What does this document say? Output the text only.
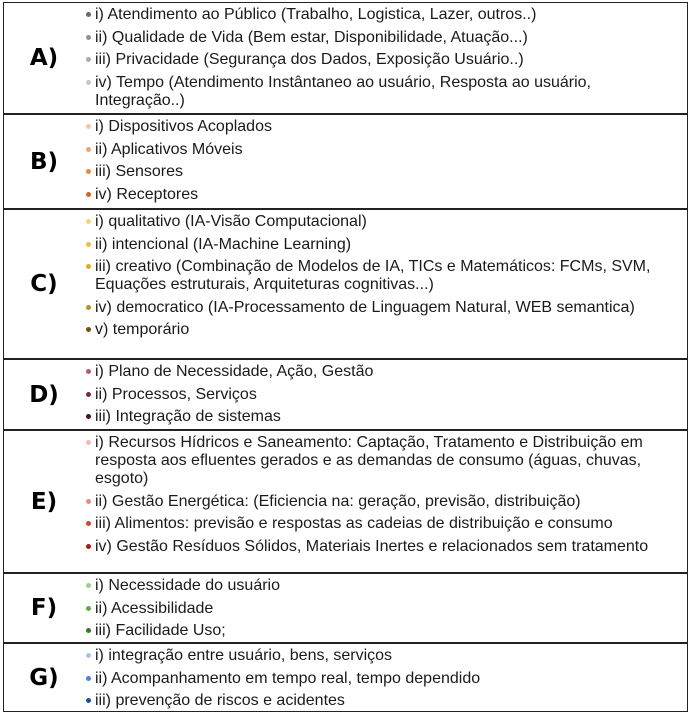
A)
i) Atendimento ao Público (Trabalho, Logistica, Lazer, outros..)
ii) Qualidade de Vida (Bem estar, Disponibilidade, Atuação...)
iii) Privacidade (Segurança dos Dados, Exposição Usuário..)
iv) Tempo (Atendimento Instântaneo ao usuário, Resposta ao usuário, Integração..)
B)
i) Dispositivos Acoplados
ii) Aplicativos Móveis
iii) Sensores
iv) Receptores
C)
i) qualitativo (IA-Visão Computacional)
ii) intencional (IA-Machine Learning)
iii) creativo (Combinação de Modelos de IA, TICs e Matemáticos: FCMs, SVM, Equações estruturais, Arquiteturas cognitivas...)
iv) democratico (IA-Processamento de Linguagem Natural, WEB semantica)
v) temporário
D)
i) Plano de Necessidade, Ação, Gestão
ii) Processos, Serviços
iii) Integração de sistemas
E)
i) Recursos Hídricos e Saneamento: Captação, Tratamento e Distribuição em resposta aos efluentes gerados e as demandas de consumo (águas, chuvas, esgoto)
ii) Gestão Energética: (Eficiencia na: geração, previsão, distribuição)
iii) Alimentos: previsão e respostas as cadeias de distribuição e consumo
iv) Gestão Resíduos Sólidos, Materiais Inertes e relacionados sem tratamento
F)
i) Necessidade do usuário
ii) Acessibilidade
iii) Facilidade Uso;
G)
i) integração entre usuário, bens, serviços
ii) Acompanhamento em tempo real, tempo dependido
iii) prevenção de riscos e acidentes
